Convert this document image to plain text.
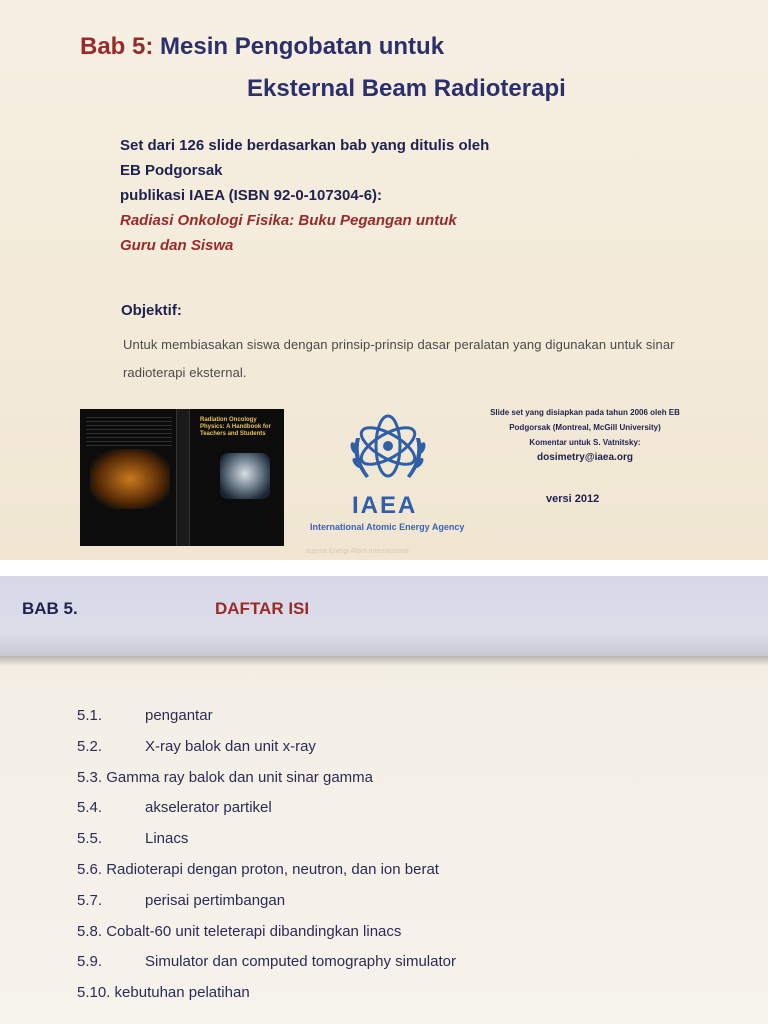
Bab 5: Mesin Pengobatan untuk
Eksternal Beam Radioterapi
Set dari 126 slide berdasarkan bab yang ditulis oleh
EB Podgorsak
publikasi IAEA (ISBN 92-0-107304-6):
Radiasi Onkologi Fisika: Buku Pegangan untuk
Guru dan Siswa
Objektif:
Untuk membiasakan siswa dengan prinsip-prinsip dasar peralatan yang digunakan untuk sinar radioterapi eksternal.
Radiation Oncology Physics: A Handbook for Teachers and Students
IAEA
International Atomic Energy Agency
agensi Energi Atom Internasional
Slide set yang disiapkan pada tahun 2006 oleh EB
Podgorsak (Montreal, McGill University)
Komentar untuk S. Vatnitsky:
dosimetry@iaea.org
versi 2012
BAB 5.	DAFTAR ISI
5.1.	pengantar
5.2.	X-ray balok dan unit x-ray
5.3. Gamma ray balok dan unit sinar gamma
5.4.	akselerator partikel
5.5.	Linacs
5.6. Radioterapi dengan proton, neutron, dan ion berat
5.7.	perisai pertimbangan
5.8. Cobalt-60 unit teleterapi dibandingkan linacs
5.9.	Simulator dan computed tomography simulator
5.10. kebutuhan pelatihan
